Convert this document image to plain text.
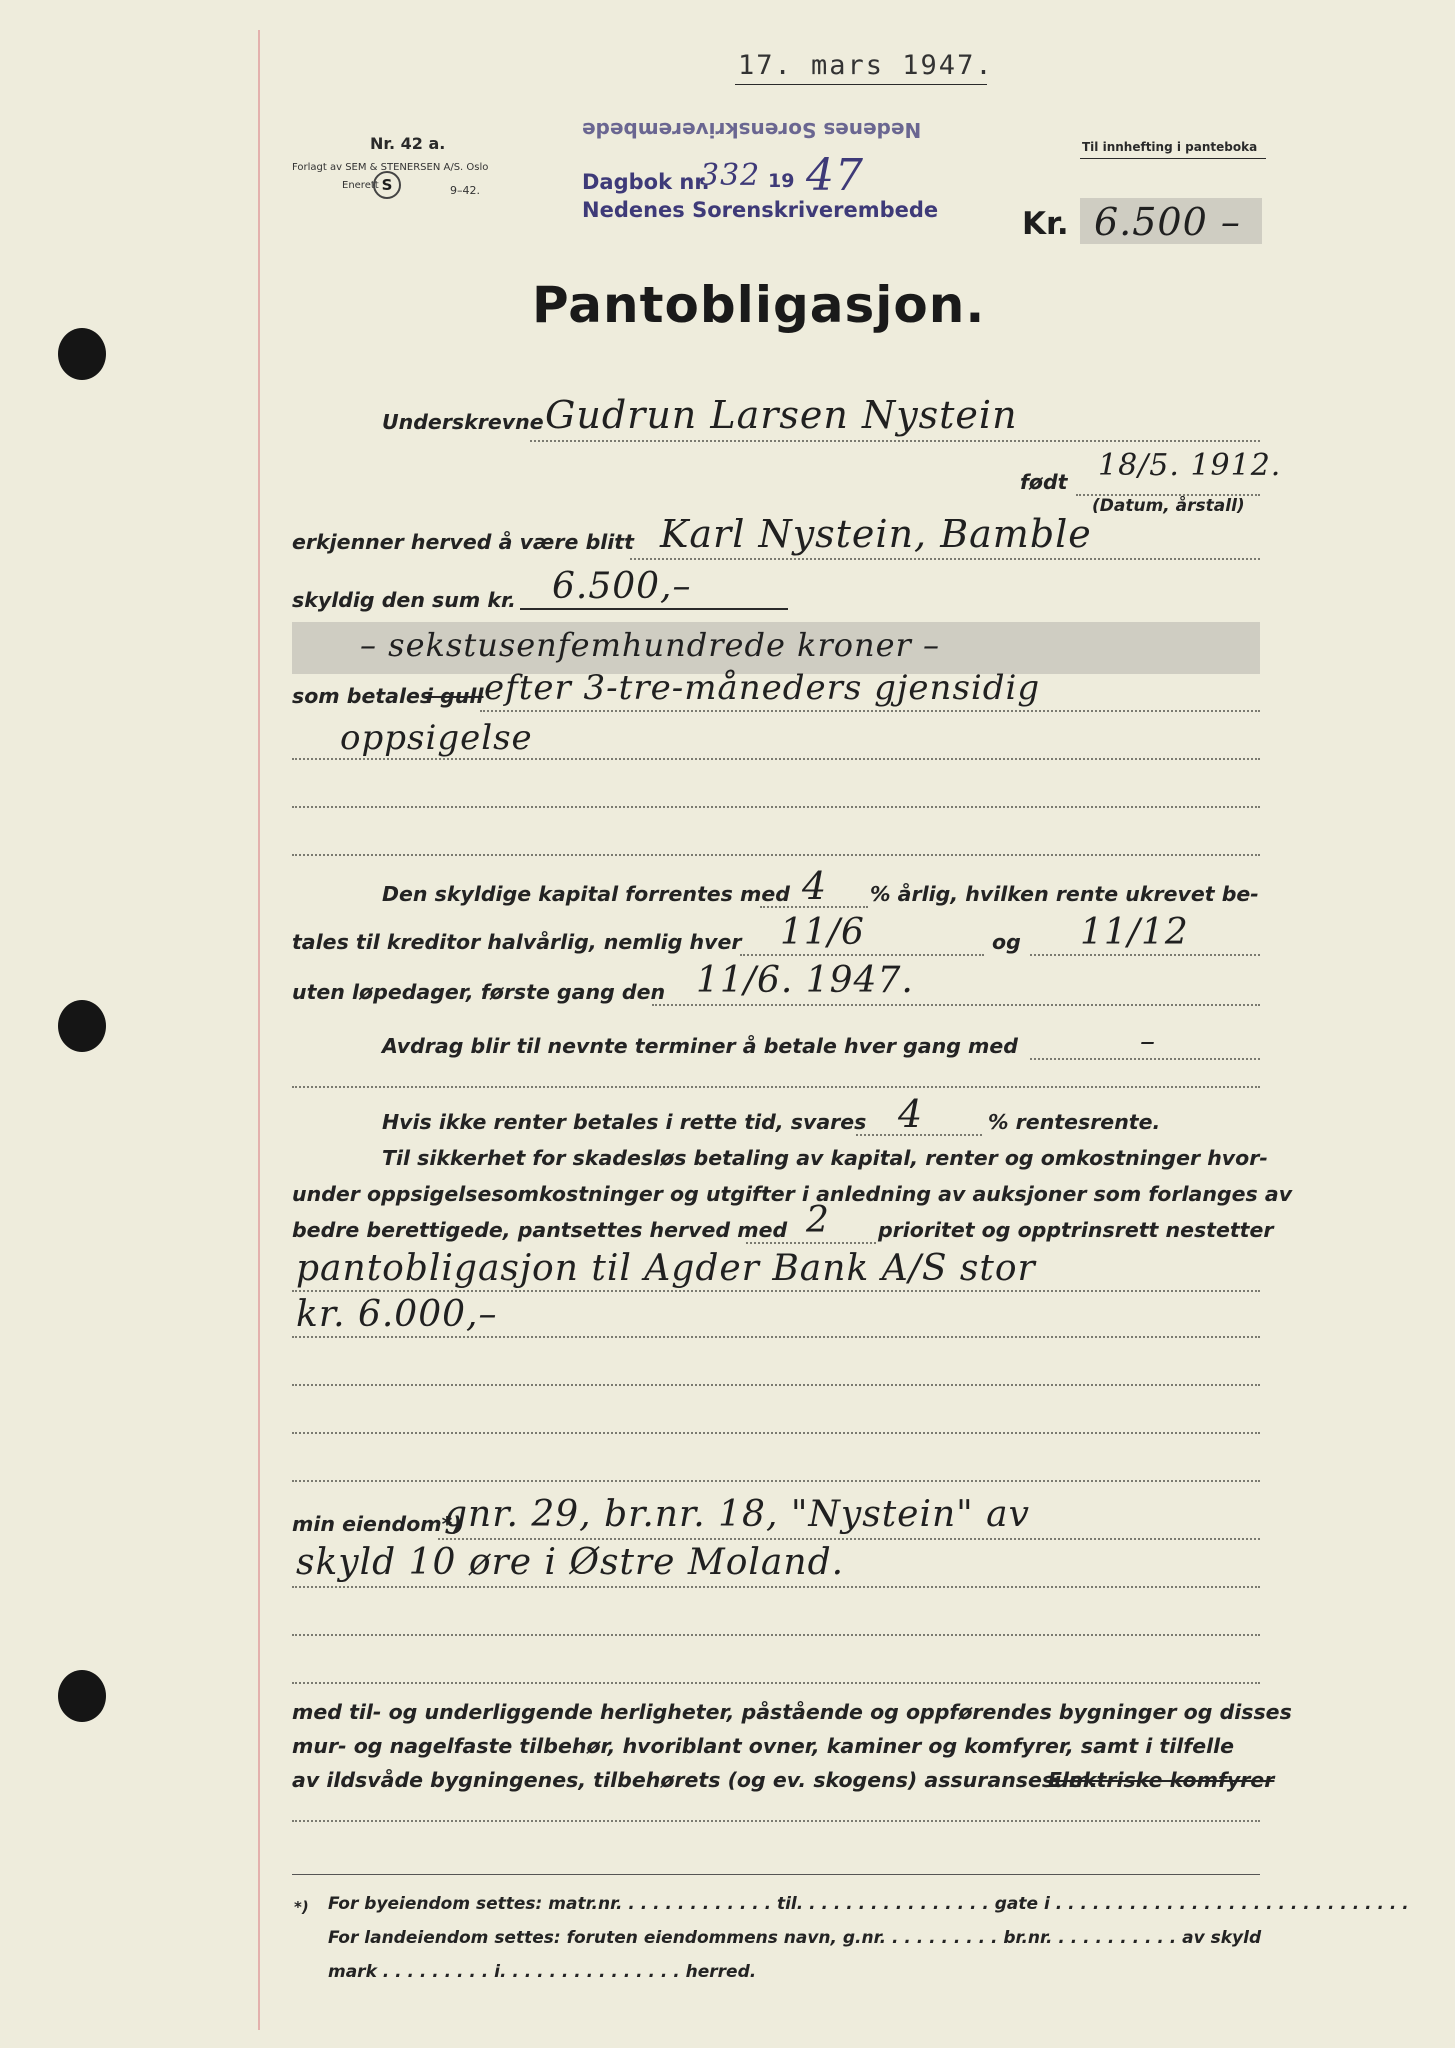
17. mars 1947.
Nr. 42 a.
Forlagt av SEM & STENERSEN A/S. Oslo
Enerett S	9–42.
Til innhefting i panteboka
Nedenes Sorenskriverembede
Dagbok nr.
332 19 47
Nedenes Sorenskriverembede	Kr. 6.500 –
Pantobligasjon.
Underskrevne Gudrun Larsen Nystein
født 18/5. 1912.
(Datum, årstall)
erkjenner herved å være blitt Karl Nystein, Bamble
skyldig den sum kr. 6.500,–
– sekstusenfemhundrede kroner –
som betales
i gull efter 3-tre-måneders gjensidig
oppsigelse
Den skyldige kapital forrentes med 4 % årlig, hvilken rente ukrevet be-
tales til kreditor halvårlig, nemlig hver 11/6	og 11/12
uten løpedager, første gang den 11/6. 1947.
Avdrag blir til nevnte terminer å betale hver gang med	–
Hvis ikke renter betales i rette tid, svares 4	% rentesrente.
Til sikkerhet for skadesløs betaling av kapital, renter og omkostninger hvor-
under oppsigelsesomkostninger og utgifter i anledning av auksjoner som forlanges av
bedre berettigede, pantsettes herved med 2 prioritet og opptrinsrett nestetter
pantobligasjon til Agder Bank A/S stor
kr. 6.000,–
min eiendom*)
gnr. 29, br.nr. 18, "Nystein" av
skyld 10 øre i Østre Moland.
med til- og underliggende herligheter, påstående og oppførendes bygninger og disses
mur- og nagelfaste tilbehør, hvoriblant ovner, kaminer og komfyrer, samt i tilfelle
av ildsvåde bygningenes, tilbehørets (og ev. skogens) assuransesum.
Elektriske komfyrer
*) For byeiendom settes: matr.nr. . . . . . . . . . . . . til. . . . . . . . . . . . . . . . gate i . . . . . . . . . . . . . . . . . . . . . . . . . . . . .
For landeiendom settes: foruten eiendommens navn, g.nr. . . . . . . . . . br.nr. . . . . . . . . . . av skyld
mark . . . . . . . . . i. . . . . . . . . . . . . . . herred.
